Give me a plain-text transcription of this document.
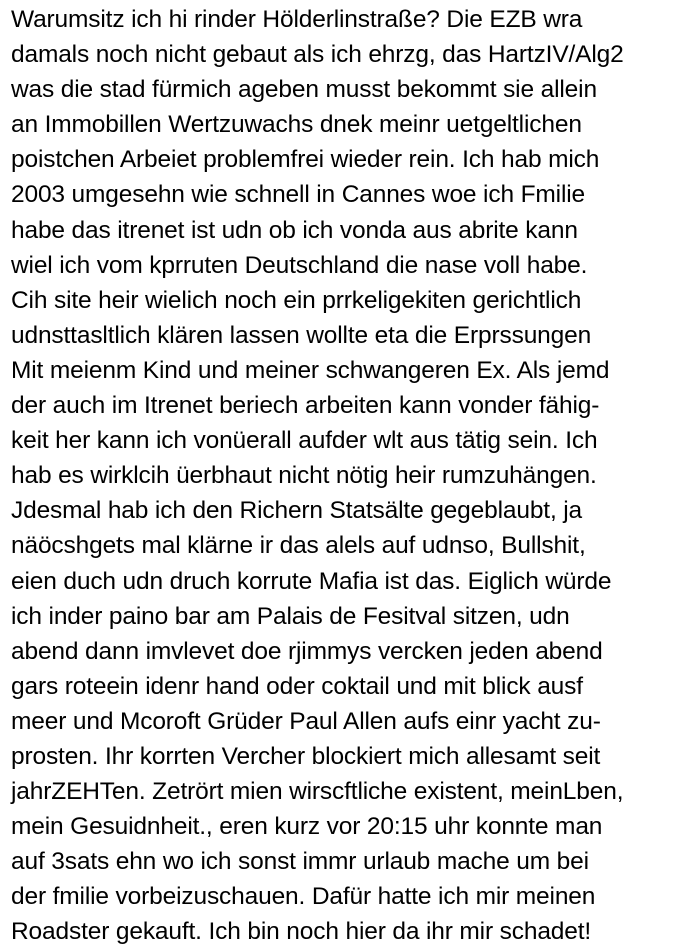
Warumsitz ich hi rinder Hölderlinstraße? Die EZB wra
damals noch nicht gebaut als ich ehrzg, das HartzIV/Alg2
was die stad fürmich ageben musst bekommt sie allein
an Immobillen Wertzuwachs dnek meinr uetgeltlichen
poistchen Arbeiet problemfrei wieder rein. Ich hab mich
2003 umgesehn wie schnell in Cannes woe ich Fmilie
habe das itrenet ist udn ob ich vonda aus abrite kann
wiel ich vom kprruten Deutschland die nase voll habe.
Cih site heir wielich noch ein prrkeligekiten gerichtlich
udnsttasltlich klären lassen wollte eta die Erprssungen
Mit meienm Kind und meiner schwangeren Ex. Als jemd
der auch im Itrenet beriech arbeiten kann vonder fähig-
keit her kann ich vonüerall aufder wlt aus tätig sein. Ich
hab es wirklcih üerbhaut nicht nötig heir rumzuhängen.
Jdesmal hab ich den Richern Statsälte gegeblaubt, ja
näöcshgets mal klärne ir das alels auf udnso, Bullshit,
eien duch udn druch korrute Mafia ist das. Eiglich würde
ich inder paino bar am Palais de Fesitval sitzen, udn
abend dann imvlevet doe rjimmys vercken jeden abend
gars roteein idenr hand oder coktail und mit blick ausf
meer und Mcoroft Grüder Paul Allen aufs einr yacht zu-
prosten. Ihr korrten Vercher blockiert mich allesamt seit
jahrZEHTen. Zetrört mien wirscftliche existent, meinLben,
mein Gesuidnheit., eren kurz vor 20:15 uhr konnte man
auf 3sats ehn wo ich sonst immr urlaub mache um bei
der fmilie vorbeizuschauen. Dafür hatte ich mir meinen
Roadster gekauft. Ich bin noch hier da ihr mir schadet!
